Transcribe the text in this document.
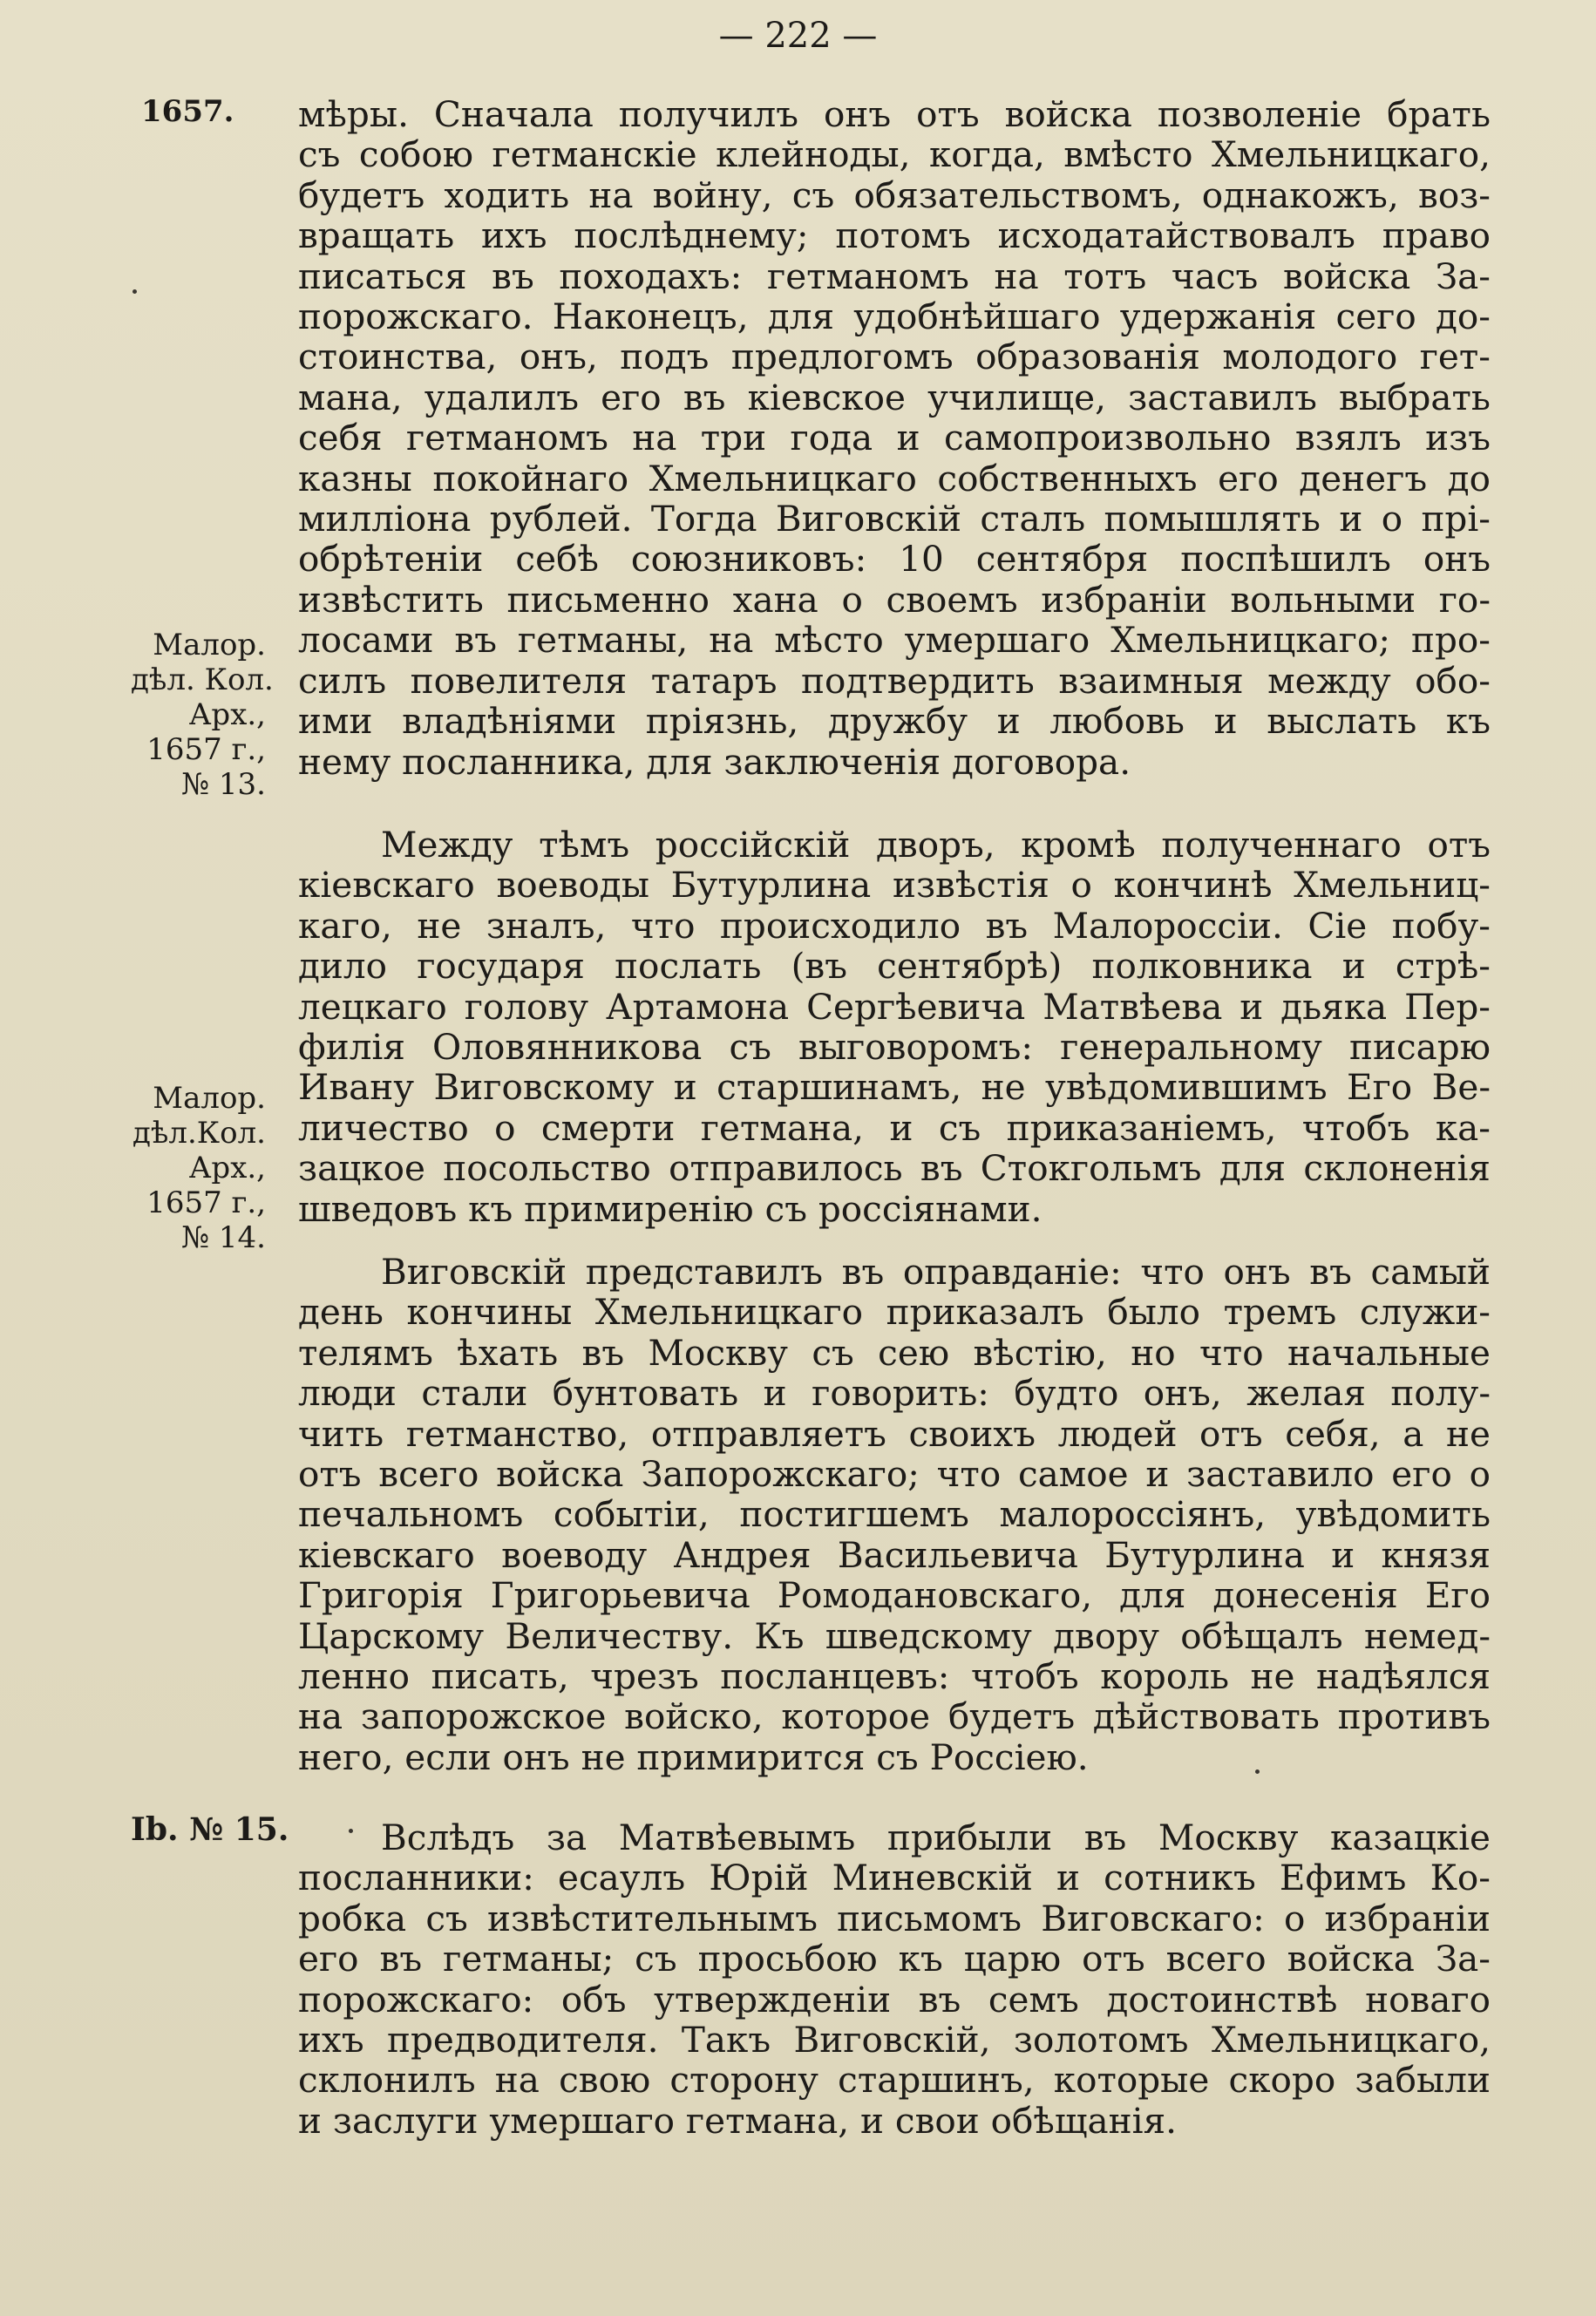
— 222 —
1657.
Малор.
дѣл. Кол.
Арх.,
1657 г.,
№ 13.
Малор.
дѣл.Кол.
Арх.,
1657 г.,
№ 14.
Ib. № 15.
мѣры. Сначала получилъ онъ отъ войска позволеніе брать
съ собою гетманскіе клейноды, когда, вмѣсто Хмельницкаго,
будетъ ходить на войну, съ обязательствомъ, однакожъ, воз-
вращать ихъ послѣднему; потомъ исходатайствовалъ право
писаться въ походахъ: гетманомъ на тотъ часъ войска За-
порожскаго. Наконецъ, для удобнѣйшаго удержанія сего до-
стоинства, онъ, подъ предлогомъ образованія молодого гет-
мана, удалилъ его въ кіевское училище, заставилъ выбрать
себя гетманомъ на три года и самопроизвольно взялъ изъ
казны покойнаго Хмельницкаго собственныхъ его денегъ до
милліона рублей. Тогда Виговскій сталъ помышлять и о прі-
обрѣтеніи себѣ союзниковъ: 10 сентября поспѣшилъ онъ
извѣстить письменно хана о своемъ избраніи вольными го-
лосами въ гетманы, на мѣсто умершаго Хмельницкаго; про-
силъ повелителя татаръ подтвердить взаимныя между обо-
ими владѣніями пріязнь, дружбу и любовь и выслать къ
нему посланника, для заключенія договора.
Между тѣмъ россійскій дворъ, кромѣ полученнаго отъ
кіевскаго воеводы Бутурлина извѣстія о кончинѣ Хмельниц-
каго, не зналъ, что происходило въ Малороссіи. Сіе побу-
дило государя послать (въ сентябрѣ) полковника и стрѣ-
лецкаго голову Артамона Сергѣевича Матвѣева и дьяка Пер-
филія Оловянникова съ выговоромъ: генеральному писарю
Ивану Виговскому и старшинамъ, не увѣдомившимъ Его Ве-
личество о смерти гетмана, и съ приказаніемъ, чтобъ ка-
зацкое посольство отправилось въ Стокгольмъ для склоненія
шведовъ къ примиренію съ россіянами.
Виговскій представилъ въ оправданіе: что онъ въ самый
день кончины Хмельницкаго приказалъ было тремъ служи-
телямъ ѣхать въ Москву съ сею вѣстію, но что начальные
люди стали бунтовать и говорить: будто онъ, желая полу-
чить гетманство, отправляетъ своихъ людей отъ себя, а не
отъ всего войска Запорожскаго; что самое и заставило его о
печальномъ событіи, постигшемъ малороссіянъ, увѣдомить
кіевскаго воеводу Андрея Васильевича Бутурлина и князя
Григорія Григорьевича Ромодановскаго, для донесенія Его
Царскому Величеству. Къ шведскому двору обѣщалъ немед-
ленно писать, чрезъ посланцевъ: чтобъ король не надѣялся
на запорожское войско, которое будетъ дѣйствовать противъ
него, если онъ не примирится съ Россіею.
Вслѣдъ за Матвѣевымъ прибыли въ Москву казацкіе
посланники: есаулъ Юрій Миневскій и сотникъ Ефимъ Ко-
робка съ извѣстительнымъ письмомъ Виговскаго: о избраніи
его въ гетманы; съ просьбою къ царю отъ всего войска За-
порожскаго: объ утвержденіи въ семъ достоинствѣ новаго
ихъ предводителя. Такъ Виговскій, золотомъ Хмельницкаго,
склонилъ на свою сторону старшинъ, которые скоро забыли
и заслуги умершаго гетмана, и свои обѣщанія.
